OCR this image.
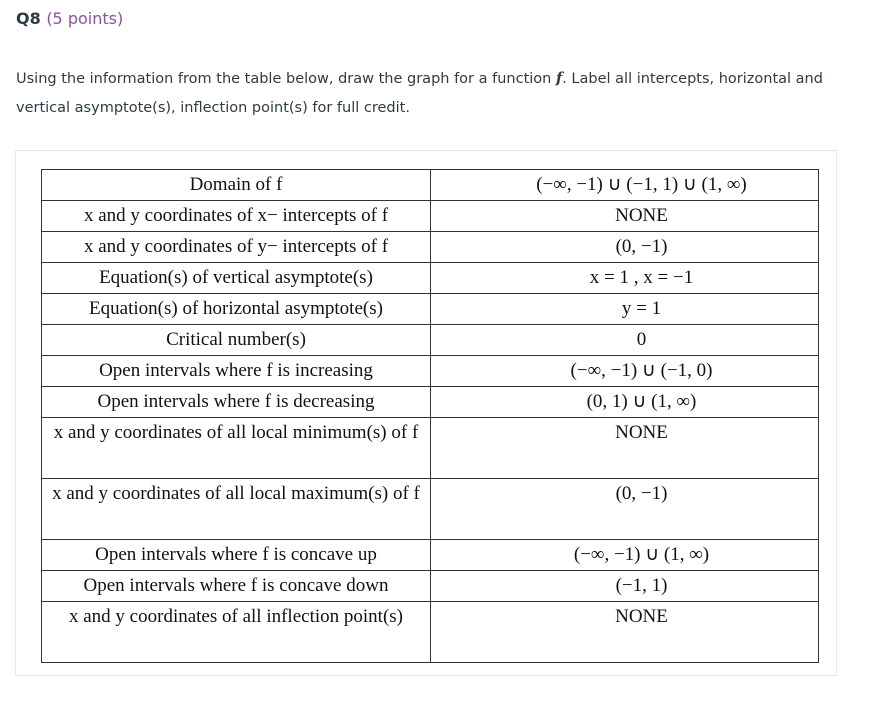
Q8 (5 points)
Using the information from the table below, draw the graph for a function f. Label all intercepts, horizontal and vertical asymptote(s), inflection point(s) for full credit.
Domain of f	(−∞, −1) ∪ (−1, 1) ∪ (1, ∞)
x and y coordinates of x− intercepts of f	NONE
x and y coordinates of y− intercepts of f	(0, −1)
Equation(s) of vertical asymptote(s)	x = 1 , x = −1
Equation(s) of horizontal asymptote(s)	y = 1
Critical number(s)	0
Open intervals where f is increasing	(−∞, −1) ∪ (−1, 0)
Open intervals where f is decreasing	(0, 1) ∪ (1, ∞)
x and y coordinates of all local minimum(s) of f	NONE
x and y coordinates of all local maximum(s) of f	(0, −1)
Open intervals where f is concave up	(−∞, −1) ∪ (1, ∞)
Open intervals where f is concave down	(−1, 1)
x and y coordinates of all inflection point(s)	NONE
